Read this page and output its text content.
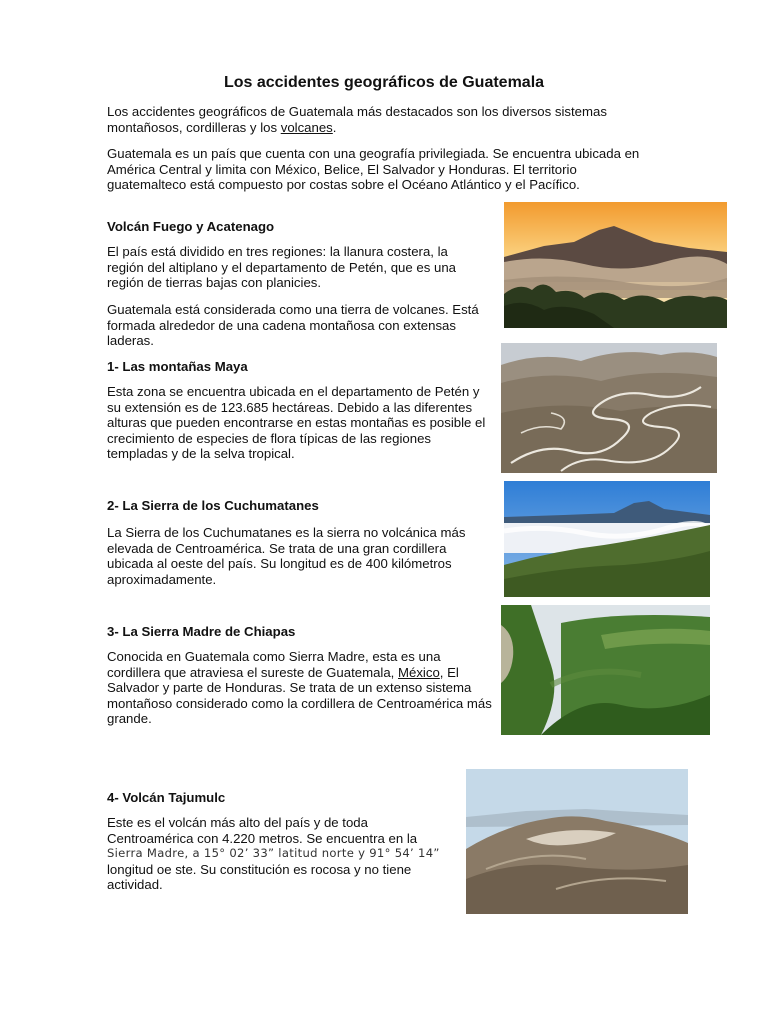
Los accidentes geográficos de Guatemala

Los accidentes geográficos de Guatemala más destacados son los diversos sistemas montañosos, cordilleras y los volcanes.

Guatemala es un país que cuenta con una geografía privilegiada. Se encuentra ubicada en América Central y limita con México, Belice, El Salvador y Honduras. El territorio guatemalteco está compuesto por costas sobre el Océano Atlántico y el Pacífico.

Volcán Fuego y Acatenago

El país está dividido en tres regiones: la llanura costera, la región del altiplano y el departamento de Petén, que es una región de tierras bajas con planicies.

Guatemala está considerada como una tierra de volcanes. Está formada alrededor de una cadena montañosa con extensas laderas.

1- Las montañas Maya

Esta zona se encuentra ubicada en el departamento de Petén y su extensión es de 123.685 hectáreas. Debido a las diferentes alturas que pueden encontrarse en estas montañas es posible el crecimiento de especies de flora típicas de las regiones templadas y de la selva tropical.

2- La Sierra de los Cuchumatanes

La Sierra de los Cuchumatanes es la sierra no volcánica más elevada de Centroamérica. Se trata de una gran cordillera ubicada al oeste del país. Su longitud es de 400 kilómetros aproximadamente.

3- La Sierra Madre de Chiapas

Conocida en Guatemala como Sierra Madre, esta es una cordillera que atraviesa el sureste de Guatemala, México, El Salvador y parte de Honduras. Se trata de un extenso sistema montañoso considerado como la cordillera de Centroamérica más grande.

4- Volcán Tajumulc

Este es el volcán más alto del país y de toda
Centroamérica con 4.220 metros. Se encuentra en la
Sierra Madre, a 15° 02’ 33” latitud norte y 91° 54’ 14”
longitud oe ste. Su constitución es rocosa y no tiene
actividad.
